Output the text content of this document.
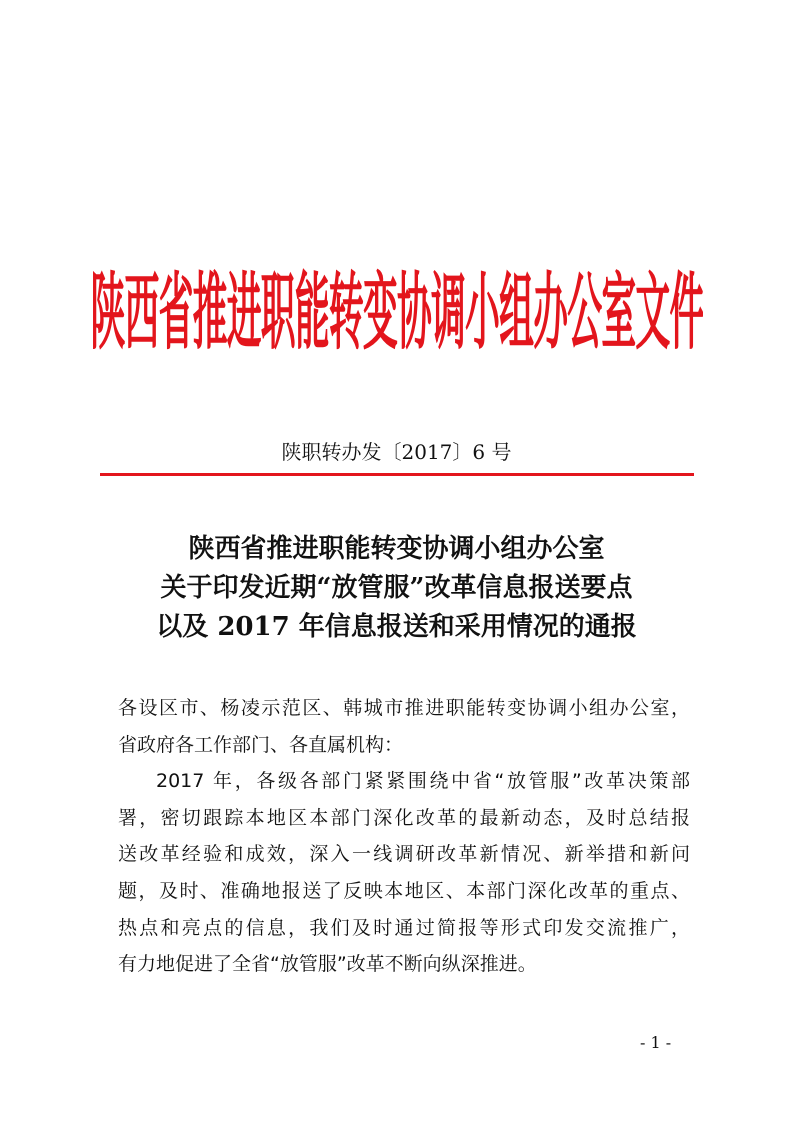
陕西省推进职能转变协调小组办公室文件
陕职转办发〔2017〕6 号
陕西省推进职能转变协调小组办公室
关于印发近期“放管服”改革信息报送要点
以及 2017 年信息报送和采用情况的通报
各设区市、杨凌示范区、韩城市推进职能转变协调小组办公室，
省政府各工作部门、各直属机构：
2017 年，各级各部门紧紧围绕中省“放管服”改革决策部
署，密切跟踪本地区本部门深化改革的最新动态，及时总结报
送改革经验和成效，深入一线调研改革新情况、新举措和新问
题，及时、准确地报送了反映本地区、本部门深化改革的重点、
热点和亮点的信息，我们及时通过简报等形式印发交流推广，
有力地促进了全省“放管服”改革不断向纵深推进。
- 1 -
